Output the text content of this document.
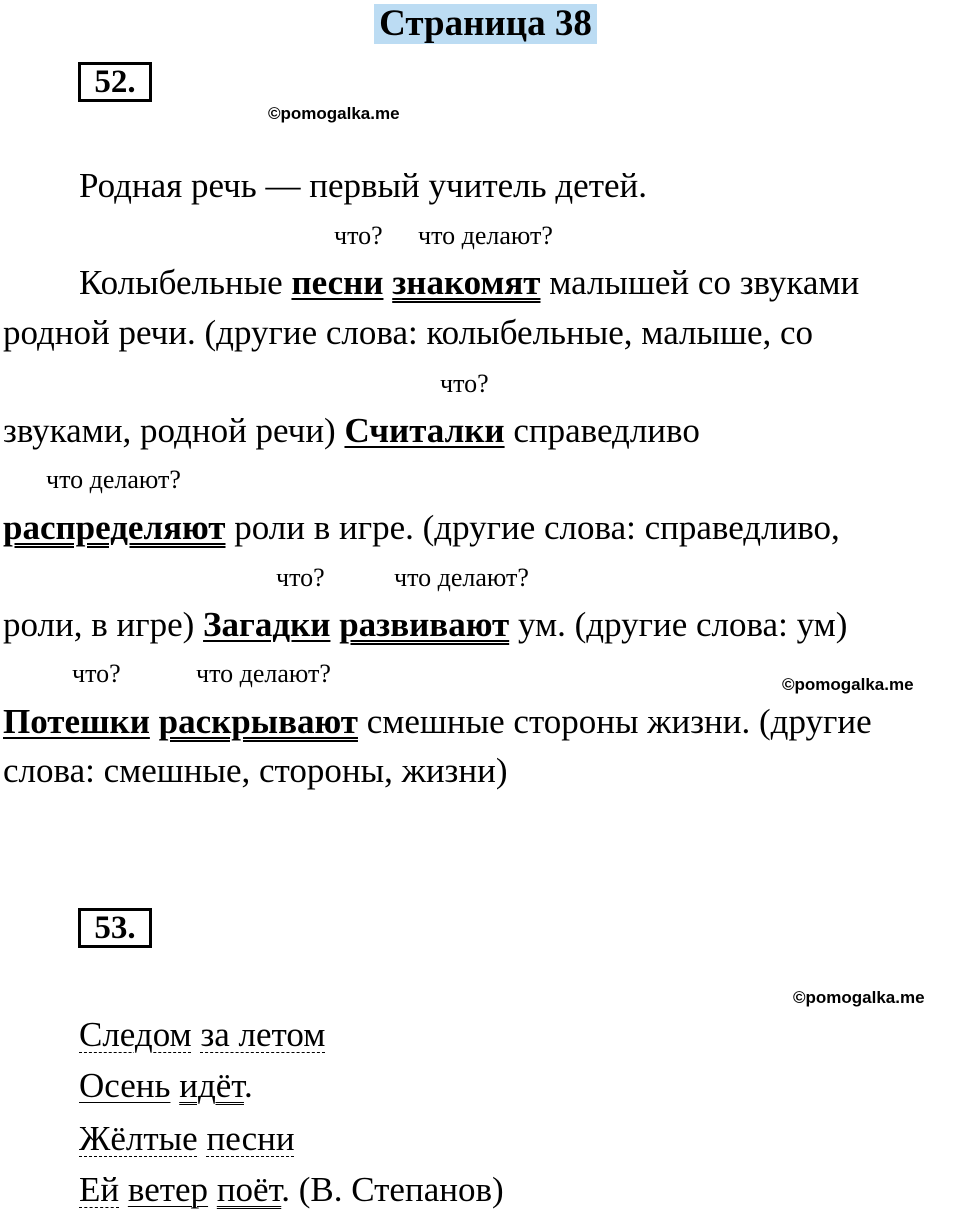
Страница 38
52.
©pomogalka.me
Родная речь — первый учитель детей.
что? что делают?
Колыбельные песни знакомят малышей со звуками
родной речи. (другие слова: колыбельные, малыше, со
что?
звуками, родной речи) Считалки справедливо
что делают?
распределяют роли в игре. (другие слова: справедливо,
что?	что делают?
роли, в игре) Загадки развивают ум. (другие слова: ум)
что?	что делают?	©pomogalka.me
Потешки раскрывают смешные стороны жизни. (другие
слова: смешные, стороны, жизни)
53.
©pomogalka.me
Следом за летом
Осень идёт.
Жёлтые песни
Ей ветер поёт. (В. Степанов)
